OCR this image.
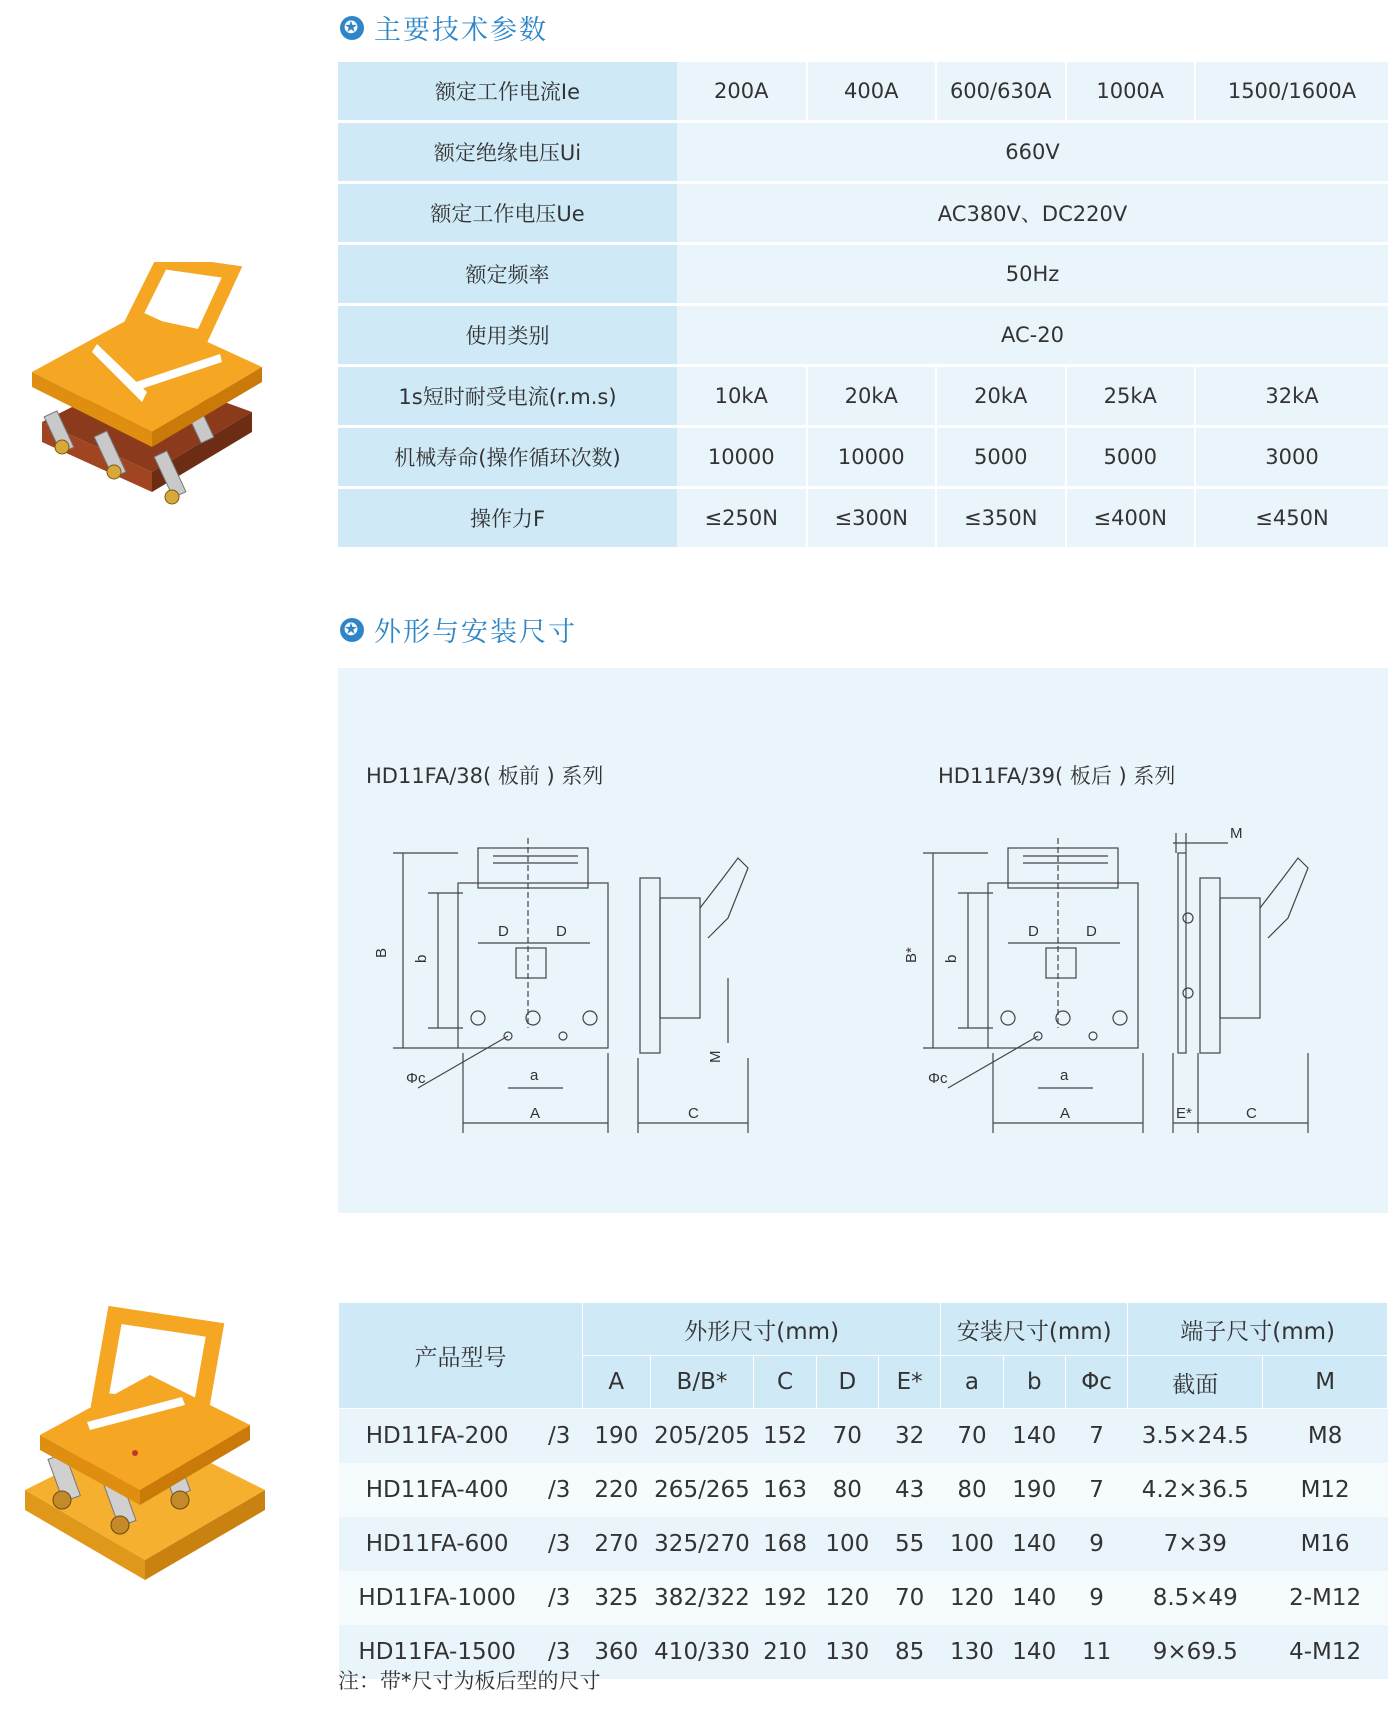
✪ 主要技术参数
额定工作电流Ie	200A	400A	600/630A	1000A	1500/1600A
额定绝缘电压Ui	660V				
额定工作电压Ue	AC380V、DC220V				
额定频率	50Hz				
使用类别	AC-20				
1s短时耐受电流(r.m.s)	10kA	20kA	20kA	25kA	32kA
机械寿命(操作循环次数)	10000	10000	5000	5000	3000
操作力F	≤250N	≤300N	≤350N	≤400N	≤450N
✪ 外形与安装尺寸
HD11FA/38( 板前 ) 系列	HD11FA/39( 板后 ) 系列
B
b
D	D
Φc	a
A
M
C
B* b
D	D
Φc	a
A
M
E*	C
产品型号		外形尺寸(mm)					安装尺寸(mm)			端子尺寸(mm)	
		A	B/B*	C	D	E*	a	b	Φc	截面	M
HD11FA-200	/3	190	205/205	152	70	32	70	140	7	3.5×24.5	M8
HD11FA-400	/3	220	265/265	163	80	43	80	190	7	4.2×36.5	M12
HD11FA-600	/3	270	325/270	168	100	55	100	140	9	7×39	M16
HD11FA-1000	/3	325	382/322	192	120	70	120	140	9	8.5×49	2-M12
HD11FA-1500	/3	360	410/330	210	130	85	130	140	11	9×69.5	4-M12
注：带*尺寸为板后型的尺寸
